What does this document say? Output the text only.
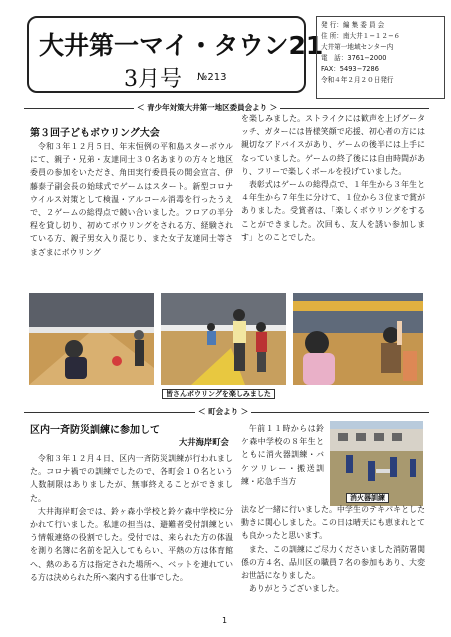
大井第一マイ・タウン21
3月号 №213
発 行：編 集 委 員 会
住 所：南大井１−１２−６
大井第一地域センター内
電　話：3761−2000
FAX：5493−7286
令和４年２月２０日発行
＜ 青少年対策大井第一地区委員会より ＞
第３回子どもボウリング大会

令和３年１２月５日、年末恒例の平和島スターボウルにて、親子・兄弟・友達同士３０名あまりの方々と地区委員の参加をいただき、角田実行委員長の開会宣言、伊藤泰子副会長の始球式でゲームはスタート。新型コロナウイルス対策として検温・アルコール消毒を行ったうえで、２ゲームの総得点で競い合いました。フロアの半分程を貸し切り、初めてボウリングをされる方、経験されている方、親子男女入り混じり、また女子友達同士等さまざまにボウリング

を楽しみました。ストライクには歓声を上げグータッチ、ガターには皆様笑顔で応援、初心者の方には親切なアドバイスがあり、ゲームの後半には上手になっていました。ゲームの終了後には自由時間があり、フリーで楽しくボールを投げていました。

表彰式はゲームの総得点で、１年生から３年生と４年生から７年生に分けて、１位から３位まで賞がありました。受賞者は、「楽しくボウリングをすることができました。次回も、友人を誘い参加します」とのことでした。

皆さんボウリングを楽しみました
＜ 町会より ＞
区内一斉防災訓練に参加して
大井海岸町会

令和３年１２月４日、区内一斉防災訓練が行われました。コロナ禍での訓練でしたので、各町会１０名という人数制限はありましたが、無事終えることができました。

大井海岸町会では、鈴ヶ森小学校と鈴ケ森中学校に分かれて行いました。私達の担当は、避難者受付訓練という情報連絡の役割でした。受付では、来られた方の体温を測り名簿に名前を記入してもらい、平熱の方は体育館へ、熱のある方は指定された場所へ、ベットを連れている方は決められた所へ案内する仕事でした。

午前１１時からは鈴ケ森中学校の８年生とともに消火器訓練・バケツリレー・搬送訓練・応急手当方

消火器訓練

法など一緒に行いました。中学生のテキパキとした動きに関心しました。この日は晴天にも恵まれとても良かったと思います。

また、この訓練にご尽力くださいました消防署関係の方４名、品川区の職員７名の参加もあり、大変お世話になりました。

ありがとうございました。

1
